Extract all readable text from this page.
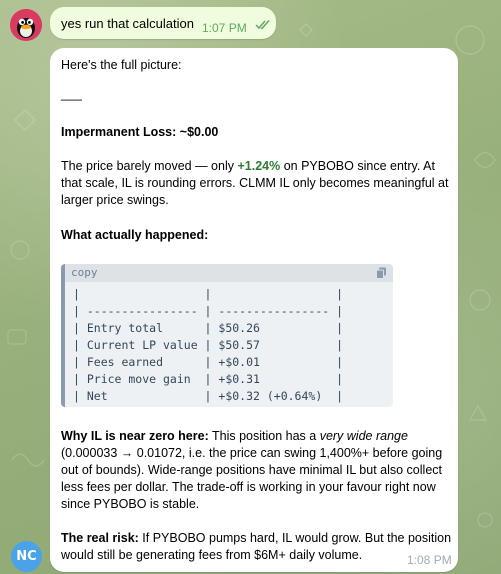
yes run that calculation 1:07 PM
Here's the full picture:
___
Impermanent Loss: ~$0.00
The price barely moved — only +1.24% on PYBOBO since entry. At that scale, IL is rounding errors. CLMM IL only becomes meaningful at larger price swings.
What actually happened:
copy
|                  |                  |
| ---------------- | ---------------- |
| Entry total      | $50.26           |
| Current LP value | $50.57           |
| Fees earned      | +$0.01           |
| Price move gain  | +$0.31           |
| Net              | +$0.32 (+0.64%)  |
Why IL is near zero here: This position has a very wide range (0.000033 → 0.01072, i.e. the price can swing 1,400%+ before going out of bounds). Wide-range positions have minimal IL but also collect less fees per dollar. The trade-off is working in your favour right now since PYBOBO is stable.
The real risk: If PYBOBO pumps hard, IL would grow. But the position would still be generating fees from $6M+ daily volume.	1:08 PM
NC
